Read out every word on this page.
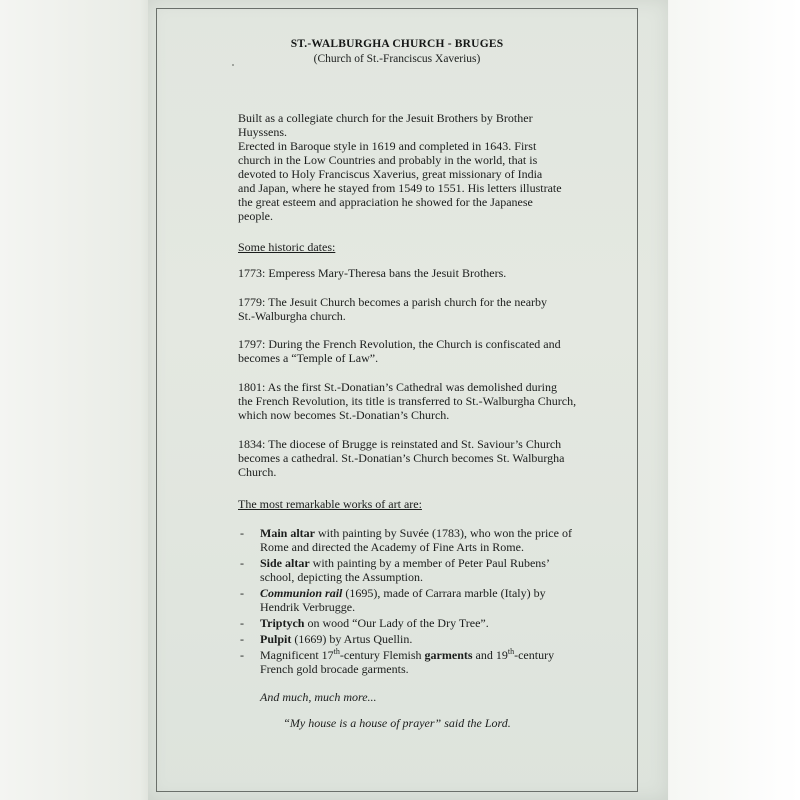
ST.-WALBURGHA CHURCH - BRUGES
(Church of St.-Franciscus Xaverius)
Built as a collegiate church for the Jesuit Brothers by Brother
Huyssens.
Erected in Baroque style in 1619 and completed in 1643. First
church in the Low Countries and probably in the world, that is
devoted to Holy Franciscus Xaverius, great missionary of India
and Japan, where he stayed from 1549 to 1551. His letters illustrate
the great esteem and appraciation he showed for the Japanese
people.
Some historic dates:
1773: Emperess Mary-Theresa bans the Jesuit Brothers.
1779: The Jesuit Church becomes a parish church for the nearby
St.-Walburgha church.
1797: During the French Revolution, the Church is confiscated and
becomes a “Temple of Law”.
1801: As the first St.-Donatian’s Cathedral was demolished during
the French Revolution, its title is transferred to St.-Walburgha Church,
which now becomes St.-Donatian’s Church.
1834: The diocese of Brugge is reinstated and St. Saviour’s Church
becomes a cathedral. St.-Donatian’s Church becomes St. Walburgha
Church.
The most remarkable works of art are:
- Main altar with painting by Suvée (1783), who won the price of
Rome and directed the Academy of Fine Arts in Rome.
- Side altar with painting by a member of Peter Paul Rubens’
school, depicting the Assumption.
- Communion rail (1695), made of Carrara marble (Italy) by
Hendrik Verbrugge.
- Triptych on wood “Our Lady of the Dry Tree”.
- Pulpit (1669) by Artus Quellin.
- Magnificent 17th-century Flemish garments and 19th-century
French gold brocade garments.
And much, much more...
“My house is a house of prayer” said the Lord.
